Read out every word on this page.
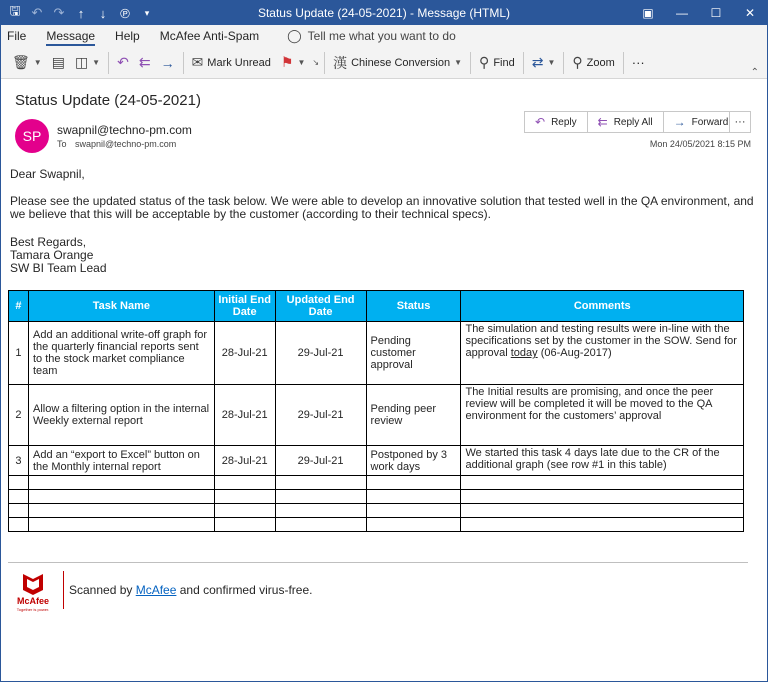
🖫 ↶ ↷	↑	↓	℗	▾	Status Update (24-05-2021) - Message (HTML)	▣	—	☐	✕
File Message Help McAfee Anti-Spam ◯ Tell me what you want to do
🗑 ▼ ▤ ◫ ▼ ↶ ⇇ → ✉ Mark Unread ⚑ ▼ ↘ 漢 Chinese Conversion ▼ ⚲ Find ⇄ ▼ ⚲ Zoom ···
⌃
Status Update (24-05-2021)
SP	swapnil@techno-pm.com
To swapnil@techno-pm.com
↶ Reply ⇇ Reply All → Forward ···
Mon 24/05/2021 8:15 PM
Dear Swapnil,
Please see the updated status of the task below. We were able to develop an innovative solution that tested well in the QA environment, and we believe that this will be acceptable by the customer (according to their technical specs).
Best Regards,
Tamara Orange
SW BI Team Lead
#	Task Name	Initial End Date	Updated End Date	Status	Comments
1	Add an additional write-off graph for the quarterly financial reports sent to the stock market compliance team	28-Jul-21	29-Jul-21	Pending customer approval	The simulation and testing results were in-line with the specifications set by the customer in the SOW. Send for approval today (06-Aug-2017)
2	Allow a filtering option in the internal Weekly external report	28-Jul-21	29-Jul-21	Pending peer review	The Initial results are promising, and once the peer review will be completed it will be moved to the QA environment for the customers’ approval
3	Add an “export to Excel” button on the Monthly internal report	28-Jul-21	29-Jul-21	Postponed by 3 work days	We started this task 4 days late due to the CR of the additional graph (see row #1 in this table)

McAfee
Together is power.
Scanned by McAfee and confirmed virus-free.
